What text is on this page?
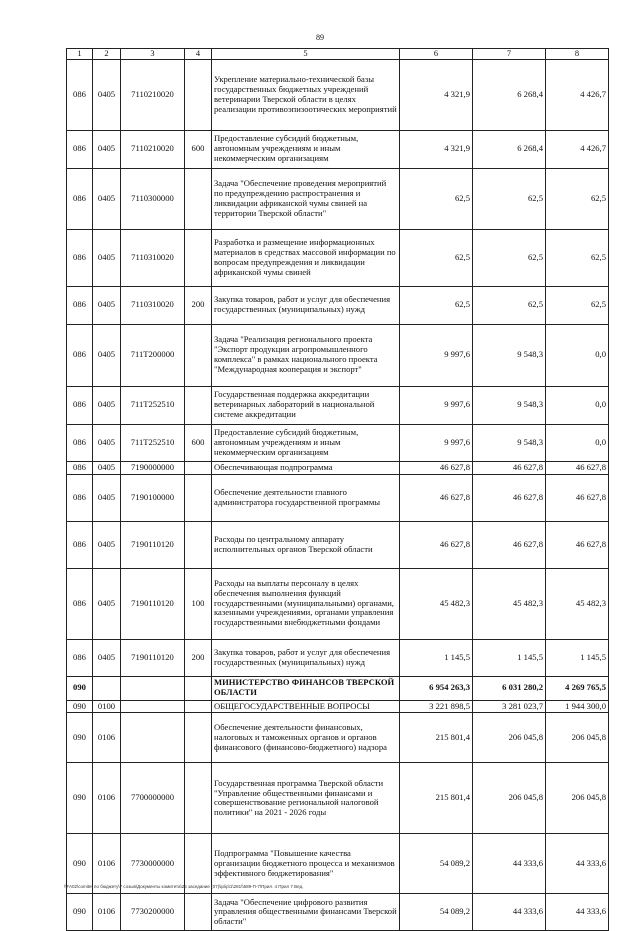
89
1	2	3	4	5	6	7	8
086	0405	7110210020		Укрепление материально-технической базы государственных бюджетных учреждений ветеринарии Тверской области в целях реализации противоэпизоотических мероприятий	4 321,9	6 268,4	4 426,7
086	0405	7110210020	600	Предоставление субсидий бюджетным, автономным учреждениям и иным некоммерческим организациям	4 321,9	6 268,4	4 426,7
086	0405	7110300000		Задача "Обеспечение проведения мероприятий по предупреждению распространения и ликвидации африканской чумы свиней на территории Тверской области"	62,5	62,5	62,5
086	0405	7110310020		Разработка и размещение информационных материалов в средствах массовой информации по вопросам предупреждения и ликвидации африканской чумы свиней	62,5	62,5	62,5
086	0405	7110310020	200	Закупка товаров, работ и услуг для обеспечения государственных (муниципальных) нужд	62,5	62,5	62,5
086	0405	711Т200000		Задача "Реализация регионального проекта "Экспорт продукции агропромышленного комплекса" в рамках национального проекта "Международная кооперация и экспорт"	9 997,6	9 548,3	0,0
086	0405	711Т252510		Государственная поддержка аккредитации ветеринарных лабораторий в национальной системе аккредитации	9 997,6	9 548,3	0,0
086	0405	711Т252510	600	Предоставление субсидий бюджетным, автономным учреждениям и иным некоммерческим организациям	9 997,6	9 548,3	0,0
086	0405	7190000000		Обеспечивающая подпрограмма	46 627,8	46 627,8	46 627,8
086	0405	7190100000		Обеспечение деятельности главного администратора государственной программы	46 627,8	46 627,8	46 627,8
086	0405	7190110120		Расходы по центральному аппарату исполнительных органов Тверской области	46 627,8	46 627,8	46 627,8
086	0405	7190110120	100	Расходы на выплаты персоналу в целях обеспечения выполнения функций государственными (муниципальными) органами, казенными учреждениями, органами управления государственными внебюджетными фондами	45 482,3	45 482,3	45 482,3
086	0405	7190110120	200	Закупка товаров, работ и услуг для обеспечения государственных (муниципальных) нужд	1 145,5	1 145,5	1 145,5
090				МИНИСТЕРСТВО ФИНАНСОВ ТВЕРСКОЙ ОБЛАСТИ	6 954 263,3	6 031 280,2	4 269 765,5
090	0100			ОБЩЕГОСУДАРСТВЕННЫЕ ВОПРОСЫ	3 221 898,5	3 281 023,7	1 944 300,0
090	0106			Обеспечение деятельности финансовых, налоговых и таможенных органов и органов финансового (финансово-бюджетного) надзора	215 801,4	206 045,8	206 045,8
090	0106	7700000000		Государственная программа Тверской области "Управление общественными финансами и совершенствование региональной налоговой политики" на 2021 - 2026 годы	215 801,4	206 045,8	206 045,8
090	0106	7730000000		Подпрограмма "Повышение качества организации бюджетного процесса и механизмов эффективного бюджетирования"	54 089,2	44 333,6	44 333,6
090	0106	7730200000		Задача "Обеспечение цифрового развития управления общественными финансами Тверской области"	54 089,2	44 333,6	44 333,6
\\FA02\comitet по бюджету\7 созыв\Документы комитета\26 заседание (07)\ip\ip\1\281\\589-П-7\Прил. 4 Прил 7 Вед.
